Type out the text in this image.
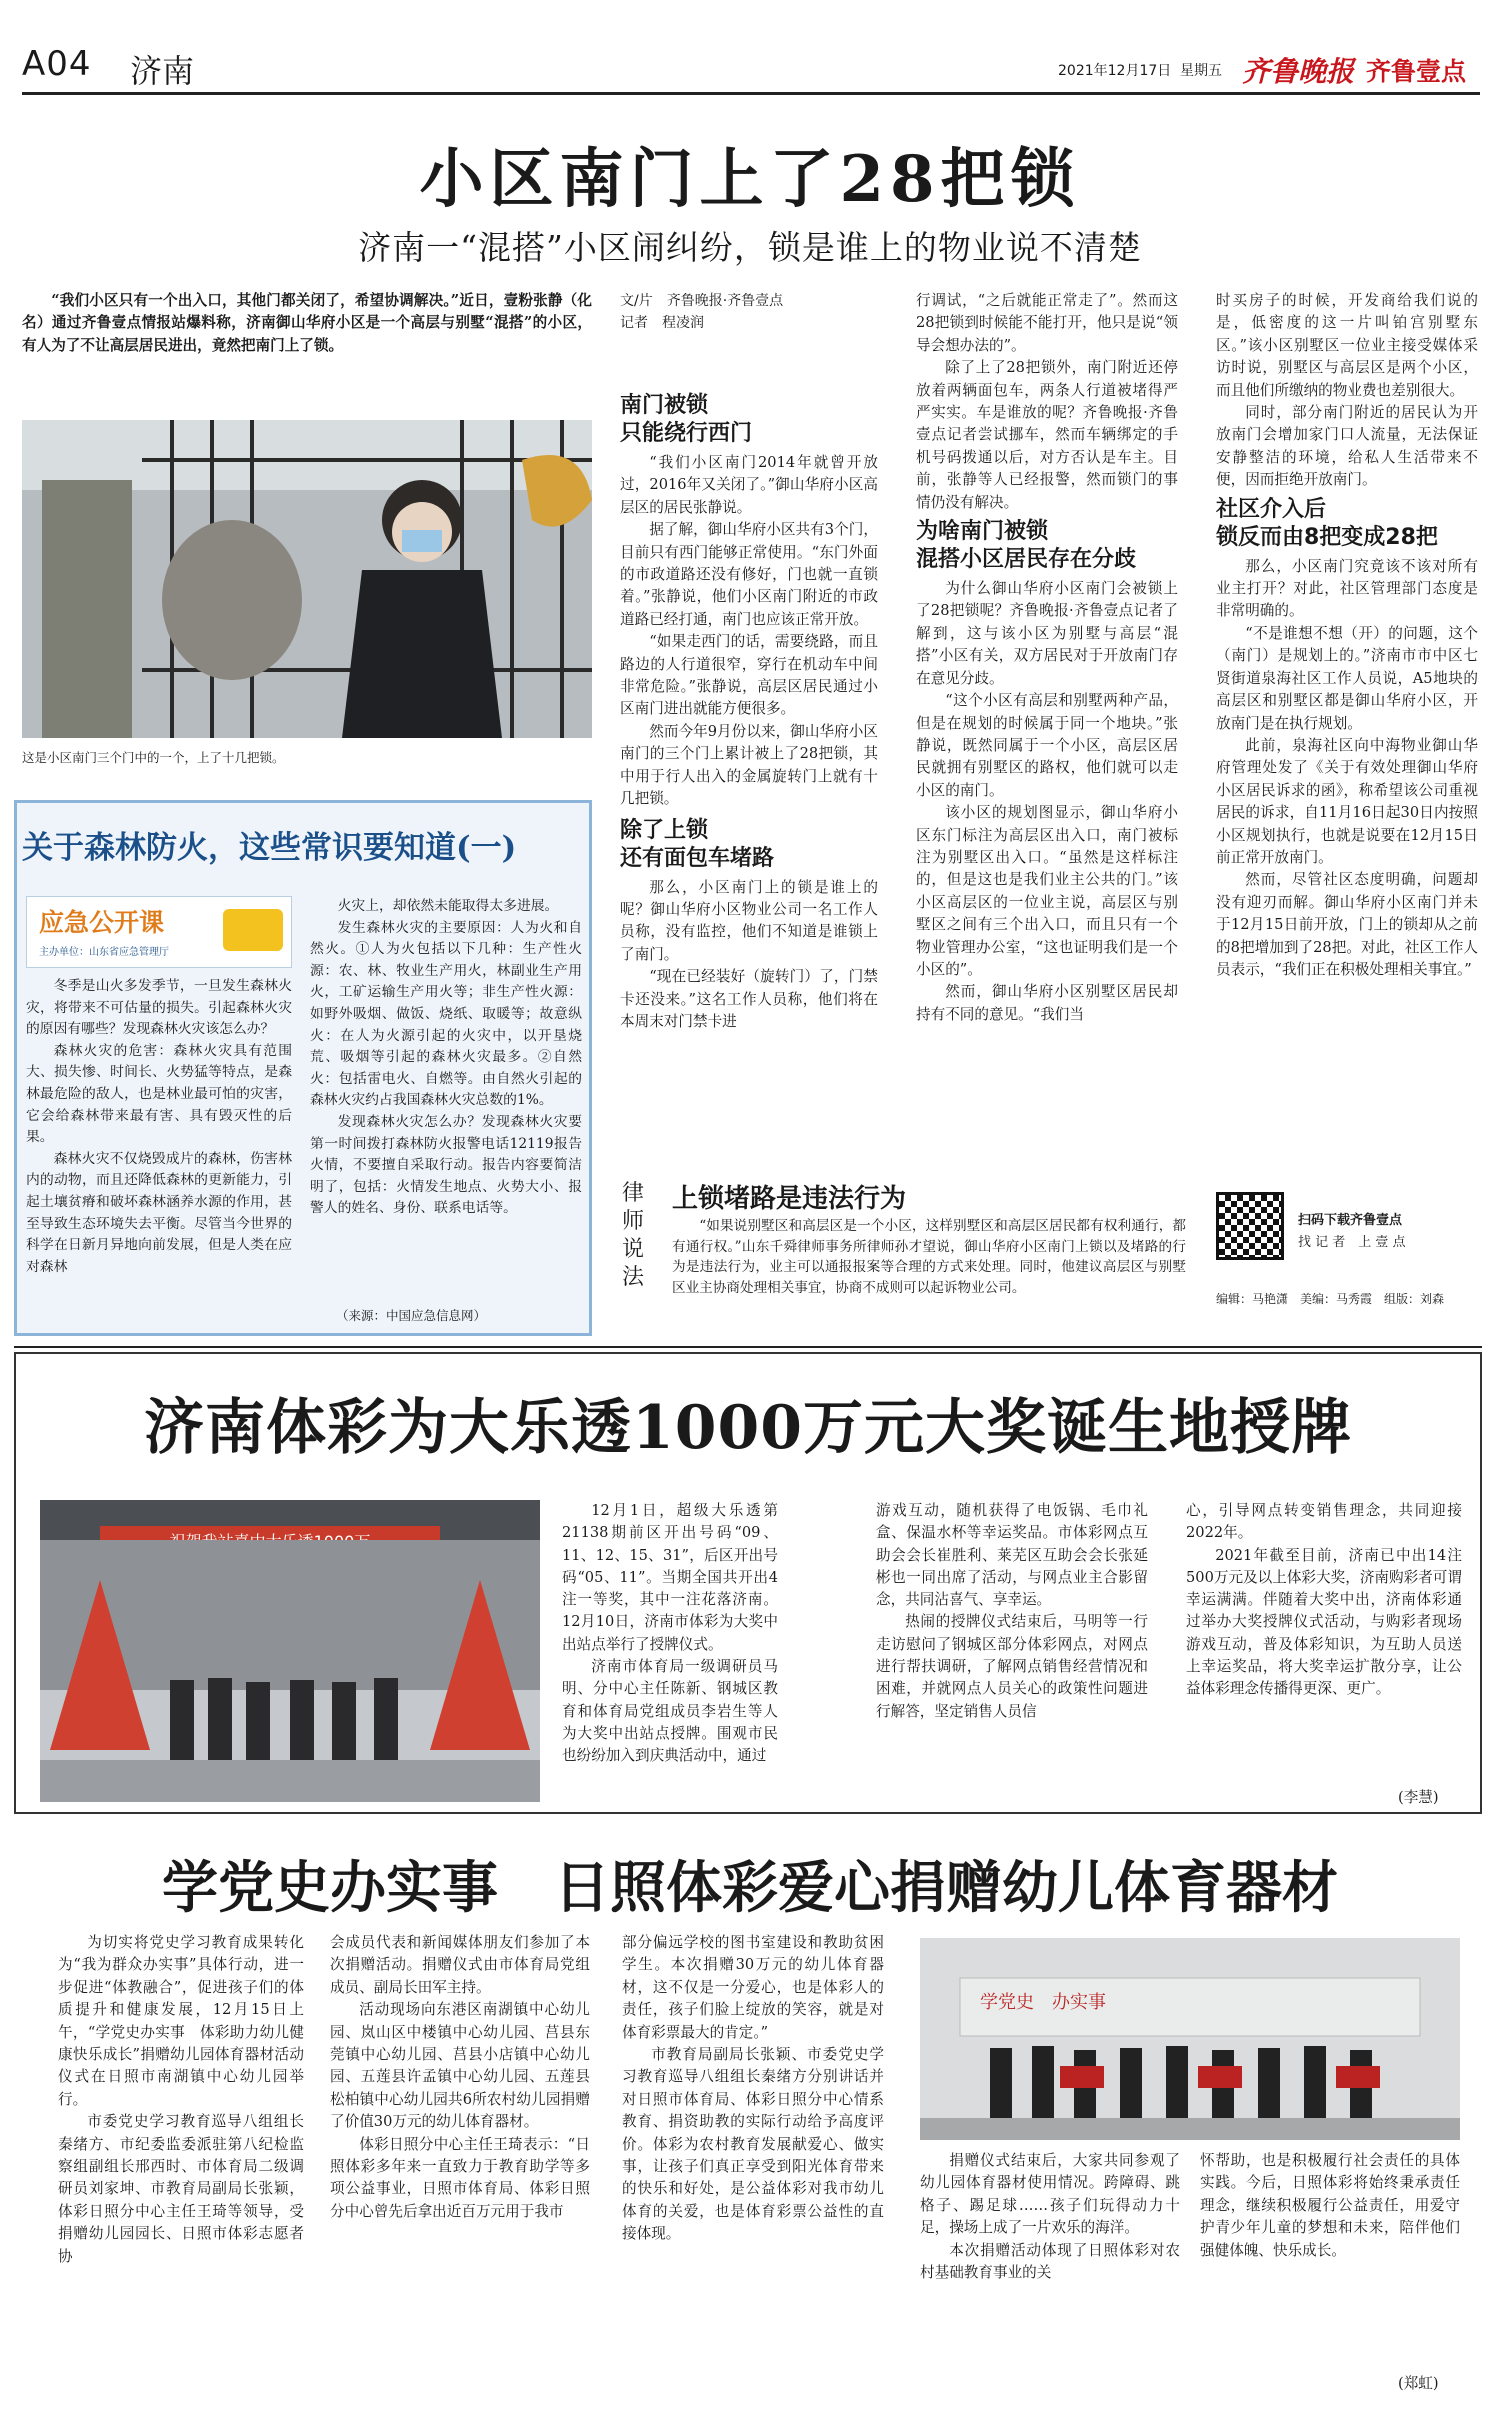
A04 济南	2021年12月17日 星期五 齐鲁晚报 齐鲁壹点
小区南门上了28把锁
济南一“混搭”小区闹纠纷，锁是谁上的物业说不清楚

“我们小区只有一个出入口，其他门都关闭了，希望协调解决。”近日，壹粉张静（化名）通过齐鲁壹点情报站爆料称，济南御山华府小区是一个高层与别墅“混搭”的小区，有人为了不让高层居民进出，竟然把南门上了锁。

这是小区南门三个门中的一个，上了十几把锁。
关于森林防火，这些常识要知道(一)
应急公开课
主办单位：山东省应急管理厅

冬季是山火多发季节，一旦发生森林火灾，将带来不可估量的损失。引起森林火灾的原因有哪些？发现森林火灾该怎么办？

森林火灾的危害：森林火灾具有范围大、损失惨、时间长、火势猛等特点，是森林最危险的敌人，也是林业最可怕的灾害，它会给森林带来最有害、具有毁灭性的后果。

森林火灾不仅烧毁成片的森林，伤害林内的动物，而且还降低森林的更新能力，引起土壤贫瘠和破坏森林涵养水源的作用，甚至导致生态环境失去平衡。尽管当今世界的科学在日新月异地向前发展，但是人类在应对森林

火灾上，却依然未能取得太多进展。

发生森林火灾的主要原因：人为火和自然火。①人为火包括以下几种：生产性火源：农、林、牧业生产用火，林副业生产用火，工矿运输生产用火等；非生产性火源：如野外吸烟、做饭、烧纸、取暖等；故意纵火：在人为火源引起的火灾中，以开垦烧荒、吸烟等引起的森林火灾最多。②自然火：包括雷电火、自燃等。由自然火引起的森林火灾约占我国森林火灾总数的1%。

发现森林火灾怎么办？发现森林火灾要第一时间拨打森林防火报警电话12119报告火情，不要擅自采取行动。报告内容要简洁明了，包括：火情发生地点、火势大小、报警人的姓名、身份、联系电话等。

（来源：中国应急信息网）
文/片　齐鲁晚报·齐鲁壹点
记者　程凌润
南门被锁
只能绕行西门

“我们小区南门2014年就曾开放过，2016年又关闭了。”御山华府小区高层区的居民张静说。

据了解，御山华府小区共有3个门，目前只有西门能够正常使用。“东门外面的市政道路还没有修好，门也就一直锁着。”张静说，他们小区南门附近的市政道路已经打通，南门也应该正常开放。

“如果走西门的话，需要绕路，而且路边的人行道很窄，穿行在机动车中间非常危险。”张静说，高层区居民通过小区南门进出就能方便很多。

然而今年9月份以来，御山华府小区南门的三个门上累计被上了28把锁，其中用于行人出入的金属旋转门上就有十几把锁。

除了上锁
还有面包车堵路

那么，小区南门上的锁是谁上的呢？御山华府小区物业公司一名工作人员称，没有监控，他们不知道是谁锁上了南门。

“现在已经装好（旋转门）了，门禁卡还没来。”这名工作人员称，他们将在本周末对门禁卡进

行调试，“之后就能正常走了”。然而这28把锁到时候能不能打开，他只是说“领导会想办法的”。

除了上了28把锁外，南门附近还停放着两辆面包车，两条人行道被堵得严严实实。车是谁放的呢？齐鲁晚报·齐鲁壹点记者尝试挪车，然而车辆绑定的手机号码拨通以后，对方否认是车主。目前，张静等人已经报警，然而锁门的事情仍没有解决。

为啥南门被锁
混搭小区居民存在分歧

为什么御山华府小区南门会被锁上了28把锁呢？齐鲁晚报·齐鲁壹点记者了解到，这与该小区为别墅与高层“混搭”小区有关，双方居民对于开放南门存在意见分歧。

“这个小区有高层和别墅两种产品，但是在规划的时候属于同一个地块。”张静说，既然同属于一个小区，高层区居民就拥有别墅区的路权，他们就可以走小区的南门。

该小区的规划图显示，御山华府小区东门标注为高层区出入口，南门被标注为别墅区出入口。“虽然是这样标注的，但是这也是我们业主公共的门。”该小区高层区的一位业主说，高层区与别墅区之间有三个出入口，而且只有一个物业管理办公室，“这也证明我们是一个小区的”。

然而，御山华府小区别墅区居民却持有不同的意见。“我们当

时买房子的时候，开发商给我们说的是，低密度的这一片叫铂宫别墅东区。”该小区别墅区一位业主接受媒体采访时说，别墅区与高层区是两个小区，而且他们所缴纳的物业费也差别很大。

同时，部分南门附近的居民认为开放南门会增加家门口人流量，无法保证安静整洁的环境，给私人生活带来不便，因而拒绝开放南门。

社区介入后
锁反而由8把变成28把

那么，小区南门究竟该不该对所有业主打开？对此，社区管理部门态度是非常明确的。

“不是谁想不想（开）的问题，这个（南门）是规划上的。”济南市市中区七贤街道泉海社区工作人员说，A5地块的高层区和别墅区都是御山华府小区，开放南门是在执行规划。

此前，泉海社区向中海物业御山华府管理处发了《关于有效处理御山华府小区居民诉求的函》，称希望该公司重视居民的诉求，自11月16日起30日内按照小区规划执行，也就是说要在12月15日前正常开放南门。

然而，尽管社区态度明确，问题却没有迎刃而解。御山华府小区南门并未于12月15日前开放，门上的锁却从之前的8把增加到了28把。对此，社区工作人员表示，“我们正在积极处理相关事宜。”

律师说法
上锁堵路是违法行为

“如果说别墅区和高层区是一个小区，这样别墅区和高层区居民都有权利通行，都有通行权。”山东千舜律师事务所律师孙才望说，御山华府小区南门上锁以及堵路的行为是违法行为，业主可以通报报案等合理的方式来处理。同时，他建议高层区与别墅区业主协商处理相关事宜，协商不成则可以起诉物业公司。

扫码下载齐鲁壹点
找 记 者　上 壹 点
编辑：马艳潇　美编：马秀霞　组版：刘森
济南体彩为大乐透1000万元大奖诞生地授牌

12月1日，超级大乐透第21138期前区开出号码“09、11、12、15、31”，后区开出号码“05、11”。当期全国共开出4注一等奖，其中一注花落济南。12月10日，济南市体彩为大奖中出站点举行了授牌仪式。

济南市体育局一级调研员马明、分中心主任陈新、钢城区教育和体育局党组成员李岩生等人为大奖中出站点授牌。围观市民也纷纷加入到庆典活动中，通过

游戏互动，随机获得了电饭锅、毛巾礼盒、保温水杯等幸运奖品。市体彩网点互助会会长崔胜利、莱芜区互助会会长张延彬也一同出席了活动，与网点业主合影留念，共同沾喜气、享幸运。

热闹的授牌仪式结束后，马明等一行走访慰问了钢城区部分体彩网点，对网点进行帮扶调研，了解网点销售经营情况和困难，并就网点人员关心的政策性问题进行解答，坚定销售人员信

心，引导网点转变销售理念，共同迎接2022年。

2021年截至目前，济南已中出14注500万元及以上体彩大奖，济南购彩者可谓幸运满满。伴随着大奖中出，济南体彩通过举办大奖授牌仪式活动，与购彩者现场游戏互动，普及体彩知识，为互助人员送上幸运奖品，将大奖幸运扩散分享，让公益体彩理念传播得更深、更广。

(李慧)
学党史办实事　日照体彩爱心捐赠幼儿体育器材

为切实将党史学习教育成果转化为“我为群众办实事”具体行动，进一步促进“体教融合”，促进孩子们的体质提升和健康发展，12月15日上午，“学党史办实事　体彩助力幼儿健康快乐成长”捐赠幼儿园体育器材活动仪式在日照市南湖镇中心幼儿园举行。

市委党史学习教育巡导八组组长秦绪方、市纪委监委派驻第八纪检监察组副组长邢西时、市体育局二级调研员刘家坤、市教育局副局长张颖，体彩日照分中心主任王琦等领导，受捐赠幼儿园园长、日照市体彩志愿者协

会成员代表和新闻媒体朋友们参加了本次捐赠活动。捐赠仪式由市体育局党组成员、副局长田军主持。

活动现场向东港区南湖镇中心幼儿园、岚山区中楼镇中心幼儿园、莒县东莞镇中心幼儿园、莒县小店镇中心幼儿园、五莲县许孟镇中心幼儿园、五莲县松柏镇中心幼儿园共6所农村幼儿园捐赠了价值30万元的幼儿体育器材。

体彩日照分中心主任王琦表示：“日照体彩多年来一直致力于教育助学等多项公益事业，日照市体育局、体彩日照分中心曾先后拿出近百万元用于我市

部分偏远学校的图书室建设和教助贫困学生。本次捐赠30万元的幼儿体育器材，这不仅是一分爱心，也是体彩人的责任，孩子们脸上绽放的笑容，就是对体育彩票最大的肯定。”

市教育局副局长张颖、市委党史学习教育巡导八组组长秦绪方分别讲话并对日照市体育局、体彩日照分中心情系教育、捐资助教的实际行动给予高度评价。体彩为农村教育发展献爱心、做实事，让孩子们真正享受到阳光体育带来的快乐和好处，是公益体彩对我市幼儿体育的关爱，也是体育彩票公益性的直接体现。

学党史　办实事

捐赠仪式结束后，大家共同参观了幼儿园体育器材使用情况。跨障碍、跳格子、踢足球……孩子们玩得动力十足，操场上成了一片欢乐的海洋。

本次捐赠活动体现了日照体彩对农村基础教育事业的关

怀帮助，也是积极履行社会责任的具体实践。今后，日照体彩将始终秉承责任理念，继续积极履行公益责任，用爱守护青少年儿童的梦想和未来，陪伴他们强健体魄、快乐成长。

(郑虹)
